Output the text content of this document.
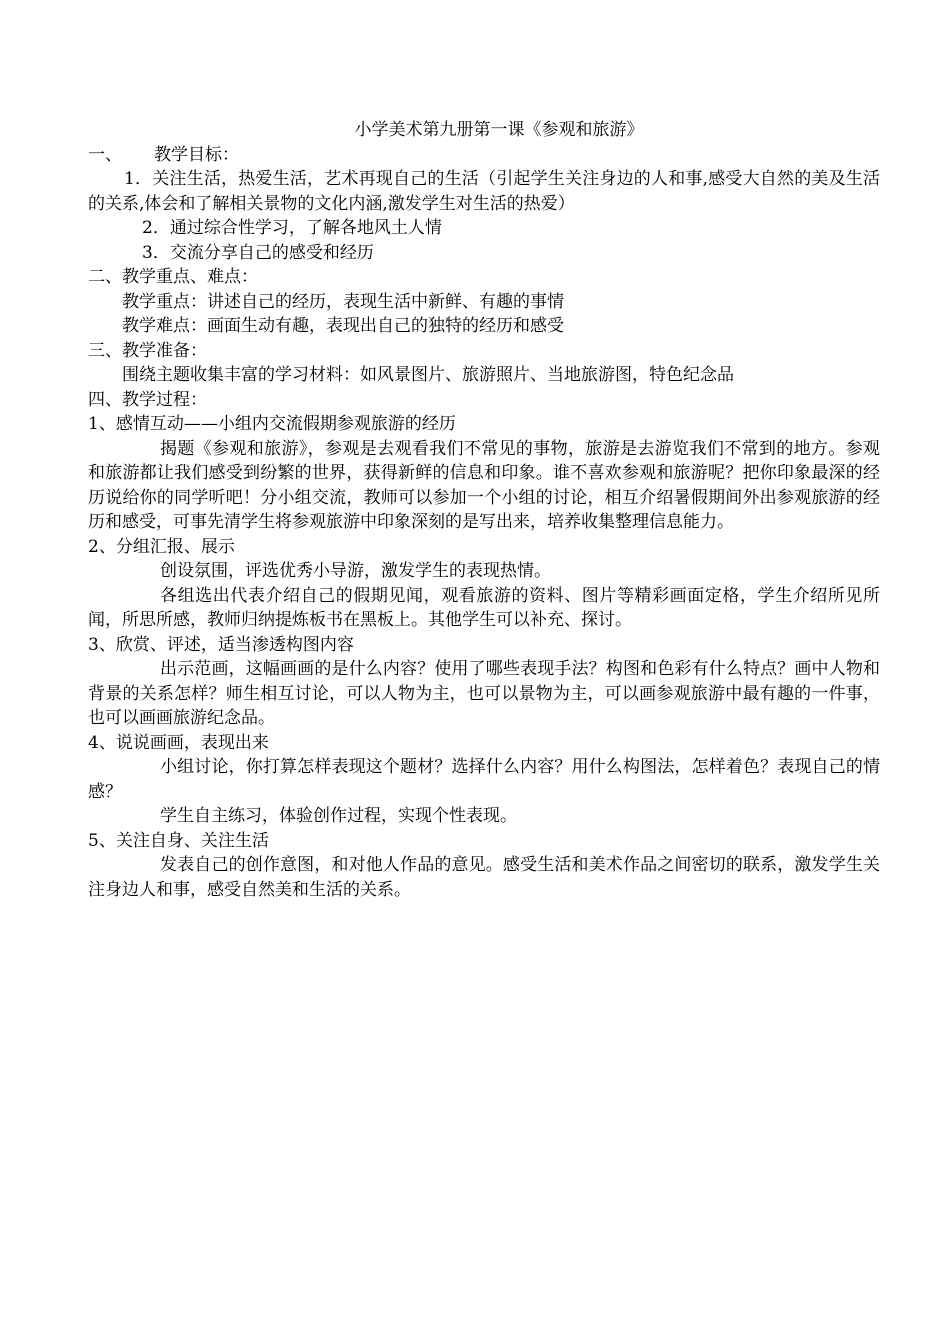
小学美术第九册第一课《参观和旅游》
一、 教学目标：
1．关注生活，热爱生活，艺术再现自己的生活（引起学生关注身边的人和事,感受大自然的美及生活的关系,体会和了解相关景物的文化内涵,激发学生对生活的热爱）
2．通过综合性学习，了解各地风土人情
3．交流分享自己的感受和经历
二、教学重点、难点：
教学重点：讲述自己的经历，表现生活中新鲜、有趣的事情
教学难点：画面生动有趣，表现出自己的独特的经历和感受
三、教学准备：
围绕主题收集丰富的学习材料：如风景图片、旅游照片、当地旅游图，特色纪念品
四、教学过程：
1、感情互动——小组内交流假期参观旅游的经历
揭题《参观和旅游》，参观是去观看我们不常见的事物，旅游是去游览我们不常到的地方。参观和旅游都让我们感受到纷繁的世界，获得新鲜的信息和印象。谁不喜欢参观和旅游呢？把你印象最深的经历说给你的同学听吧！分小组交流，教师可以参加一个小组的讨论，相互介绍暑假期间外出参观旅游的经历和感受，可事先清学生将参观旅游中印象深刻的是写出来，培养收集整理信息能力。
2、分组汇报、展示
创设氛围，评选优秀小导游，激发学生的表现热情。
各组选出代表介绍自己的假期见闻，观看旅游的资料、图片等精彩画面定格，学生介绍所见所闻，所思所感，教师归纳提炼板书在黑板上。其他学生可以补充、探讨。
3、欣赏、评述，适当渗透构图内容
出示范画，这幅画画的是什么内容？使用了哪些表现手法？构图和色彩有什么特点？画中人物和背景的关系怎样？师生相互讨论，可以人物为主，也可以景物为主，可以画参观旅游中最有趣的一件事，也可以画画旅游纪念品。
4、说说画画，表现出来
小组讨论，你打算怎样表现这个题材？选择什么内容？用什么构图法，怎样着色？表现自己的情感？
学生自主练习，体验创作过程，实现个性表现。
5、关注自身、关注生活
发表自己的创作意图，和对他人作品的意见。感受生活和美术作品之间密切的联系，激发学生关注身边人和事，感受自然美和生活的关系。
